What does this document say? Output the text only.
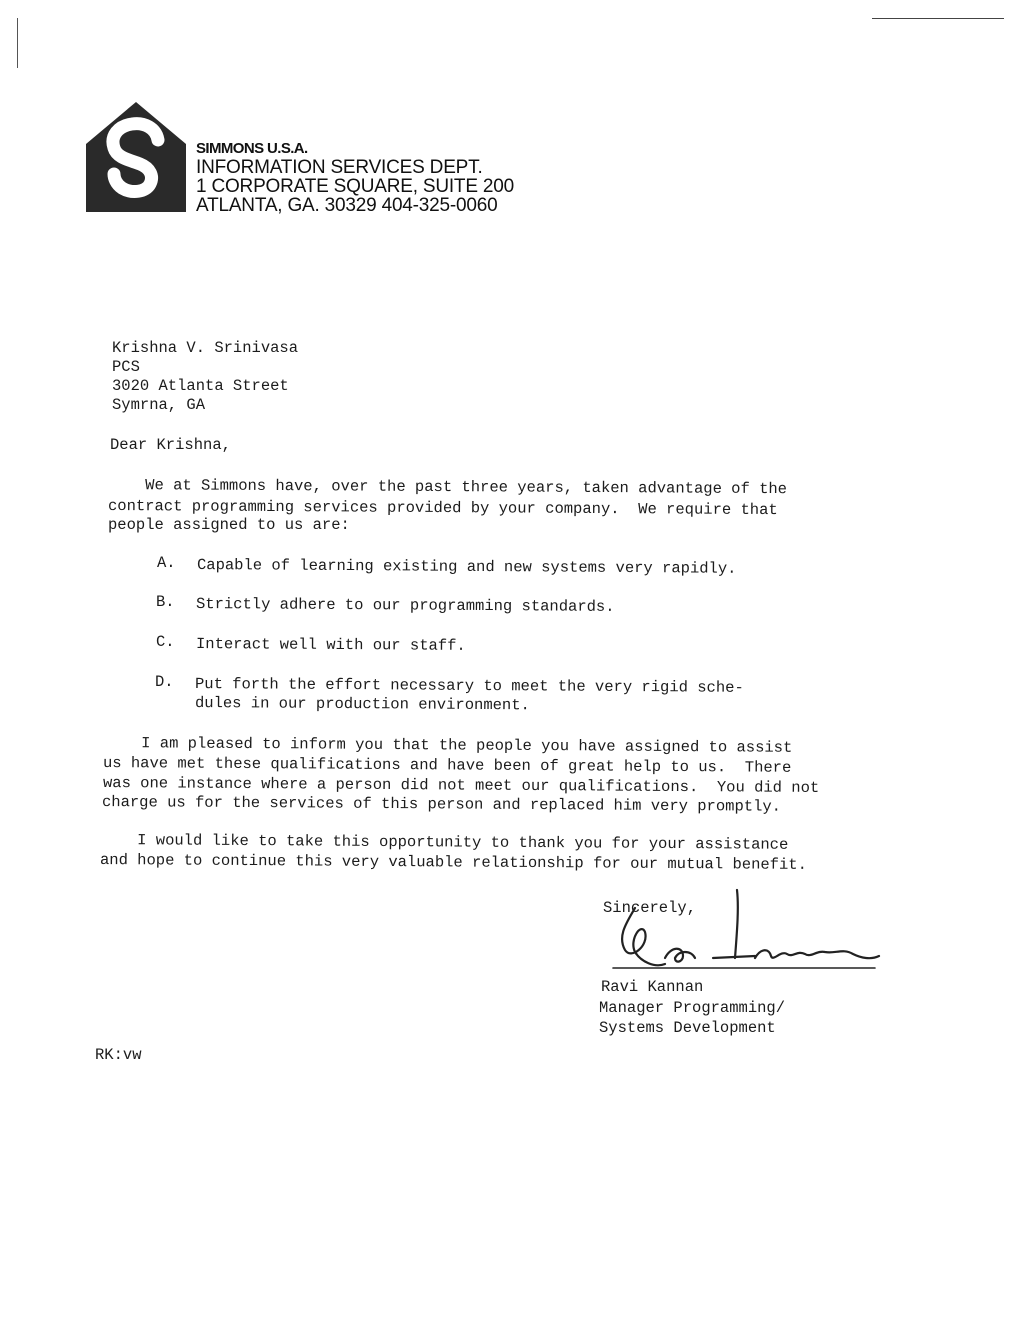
SIMMONS U.S.A.
INFORMATION SERVICES DEPT.
1 CORPORATE SQUARE, SUITE 200
ATLANTA, GA. 30329 404-325-0060
Krishna V. Srinivasa
PCS
3020 Atlanta Street
Symrna, GA
Dear Krishna,
We at Simmons have, over the past three years, taken advantage of the
contract programming services provided by your company.  We require that
people assigned to us are:
A. Capable of learning existing and new systems very rapidly.
B. Strictly adhere to our programming standards.
C. Interact well with our staff.
D. Put forth the effort necessary to meet the very rigid sche-
dules in our production environment.
I am pleased to inform you that the people you have assigned to assist
us have met these qualifications and have been of great help to us.  There
was one instance where a person did not meet our qualifications.  You did not
charge us for the services of this person and replaced him very promptly.
I would like to take this opportunity to thank you for your assistance
and hope to continue this very valuable relationship for our mutual benefit.
Sincerely,
Ravi Kannan
Manager Programming/
Systems Development
RK:vw
